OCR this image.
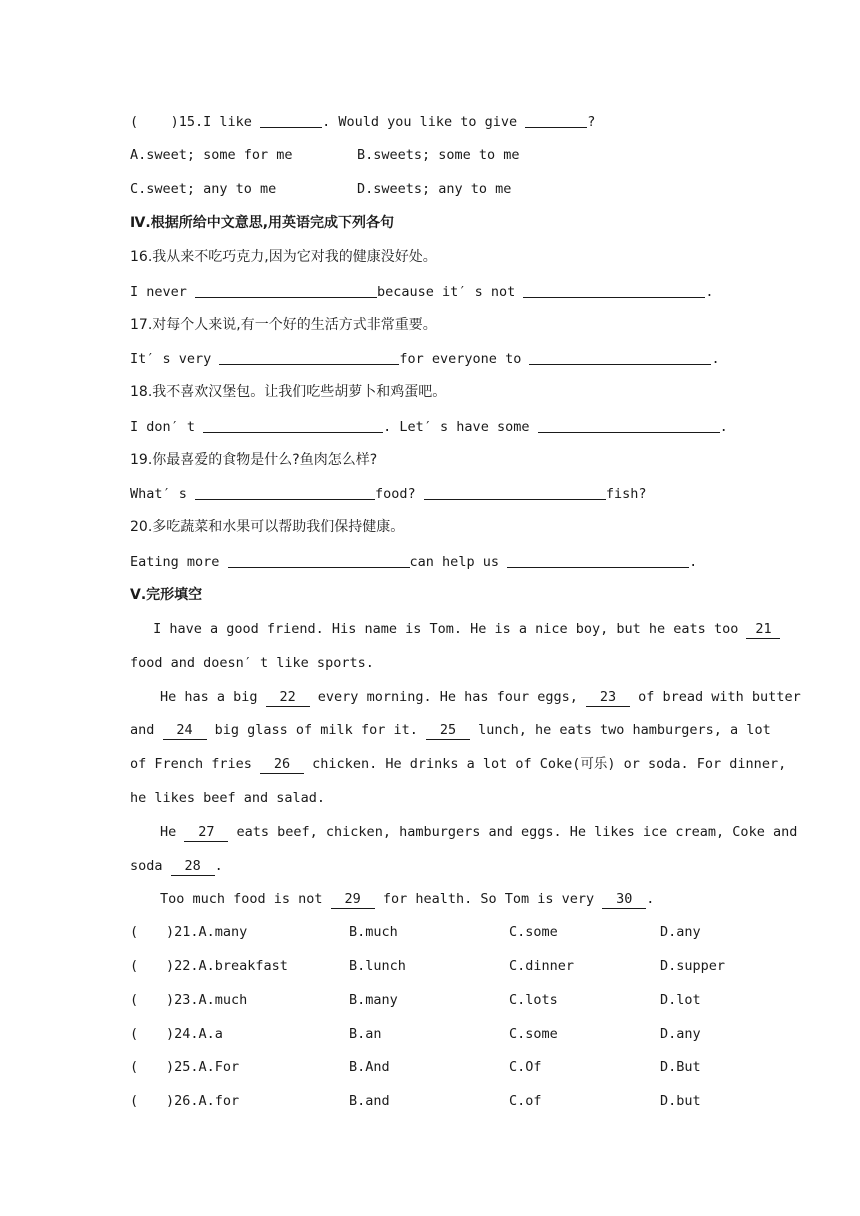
(    )15.I like	. Would you like to give	?
A.sweet; some for me	B.sweets; some to me
C.sweet; any to me	D.sweets; any to me
Ⅳ.根据所给中文意思,用英语完成下列各句
16.我从来不吃巧克力,因为它对我的健康没好处。
I never	because it′ s not	.
17.对每个人来说,有一个好的生活方式非常重要。
It′ s very	for everyone to	.
18.我不喜欢汉堡包。让我们吃些胡萝卜和鸡蛋吧。
I don′ t	. Let′ s have some	.
19.你最喜爱的食物是什么?鱼肉怎么样?
What′ s	food?	fish?
20.多吃蔬菜和水果可以帮助我们保持健康。
Eating more	can help us	.
Ⅴ.完形填空
I have a good friend. His name is Tom. He is a nice boy, but he eats too 21
food and doesn′ t like sports.
He has a big 22 every morning. He has four eggs, 23 of bread with butter
and 24 big glass of milk for it. 25 lunch, he eats two hamburgers, a lot
of French fries 26 chicken. He drinks a lot of Coke(可乐) or soda. For dinner,
he likes beef and salad.
He 27 eats beef, chicken, hamburgers and eggs. He likes ice cream, Coke and
soda 28 .
Too much food is not 29 for health. So Tom is very 30 .
( )21.A.many	B.much	C.some	D.any
( )22.A.breakfast	B.lunch	C.dinner	D.supper
( )23.A.much	B.many	C.lots	D.lot
( )24.A.a	B.an	C.some	D.any
( )25.A.For	B.And	C.Of	D.But
( )26.A.for	B.and	C.of	D.but
